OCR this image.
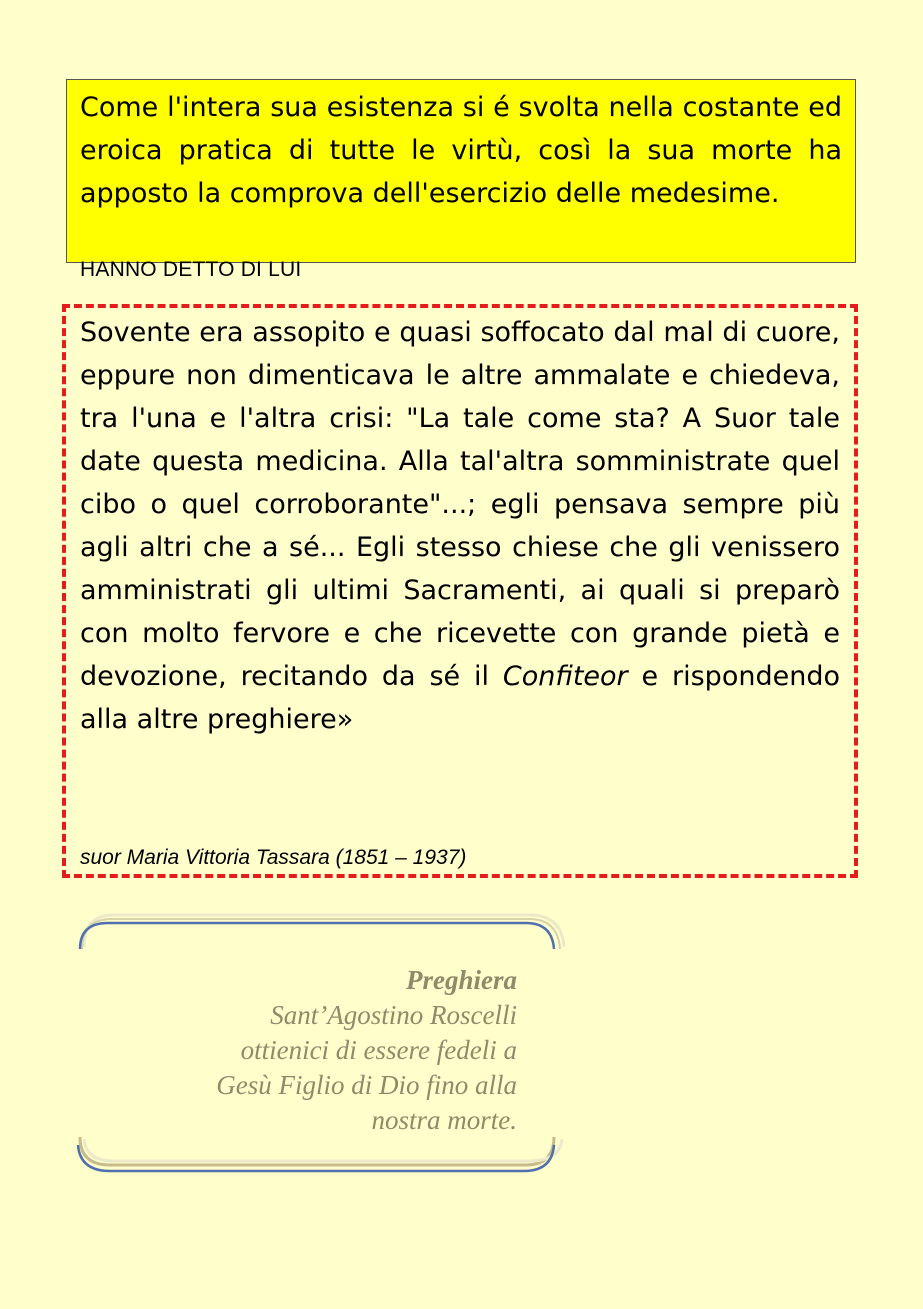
Come l'intera sua esistenza si é svolta nella costante ed eroica pratica di tutte le virtù, così la sua morte ha apposto la comprova dell'esercizio delle medesime.
HANNO DETTO DI LUI

Sovente era assopito e quasi soffocato dal mal di cuore, eppure non dimenticava le altre ammalate e chiedeva, tra l'una e l'altra crisi: "La tale come sta? A Suor tale date questa medicina. Alla tal'altra somministrate quel cibo o quel corroborante"...; egli pensava sempre più agli altri che a sé... Egli stesso chiese che gli venissero amministrati gli ultimi Sacramenti, ai quali si preparò con molto fervore e che ricevette con grande pietà e devozione, recitando da sé il Confiteor e rispondendo alla altre preghiere»

suor Maria Vittoria Tassara (1851 – 1937)
Preghiera
Sant’Agostino Roscelli
ottienici di essere fedeli a
Gesù Figlio di Dio fino alla
nostra morte.
